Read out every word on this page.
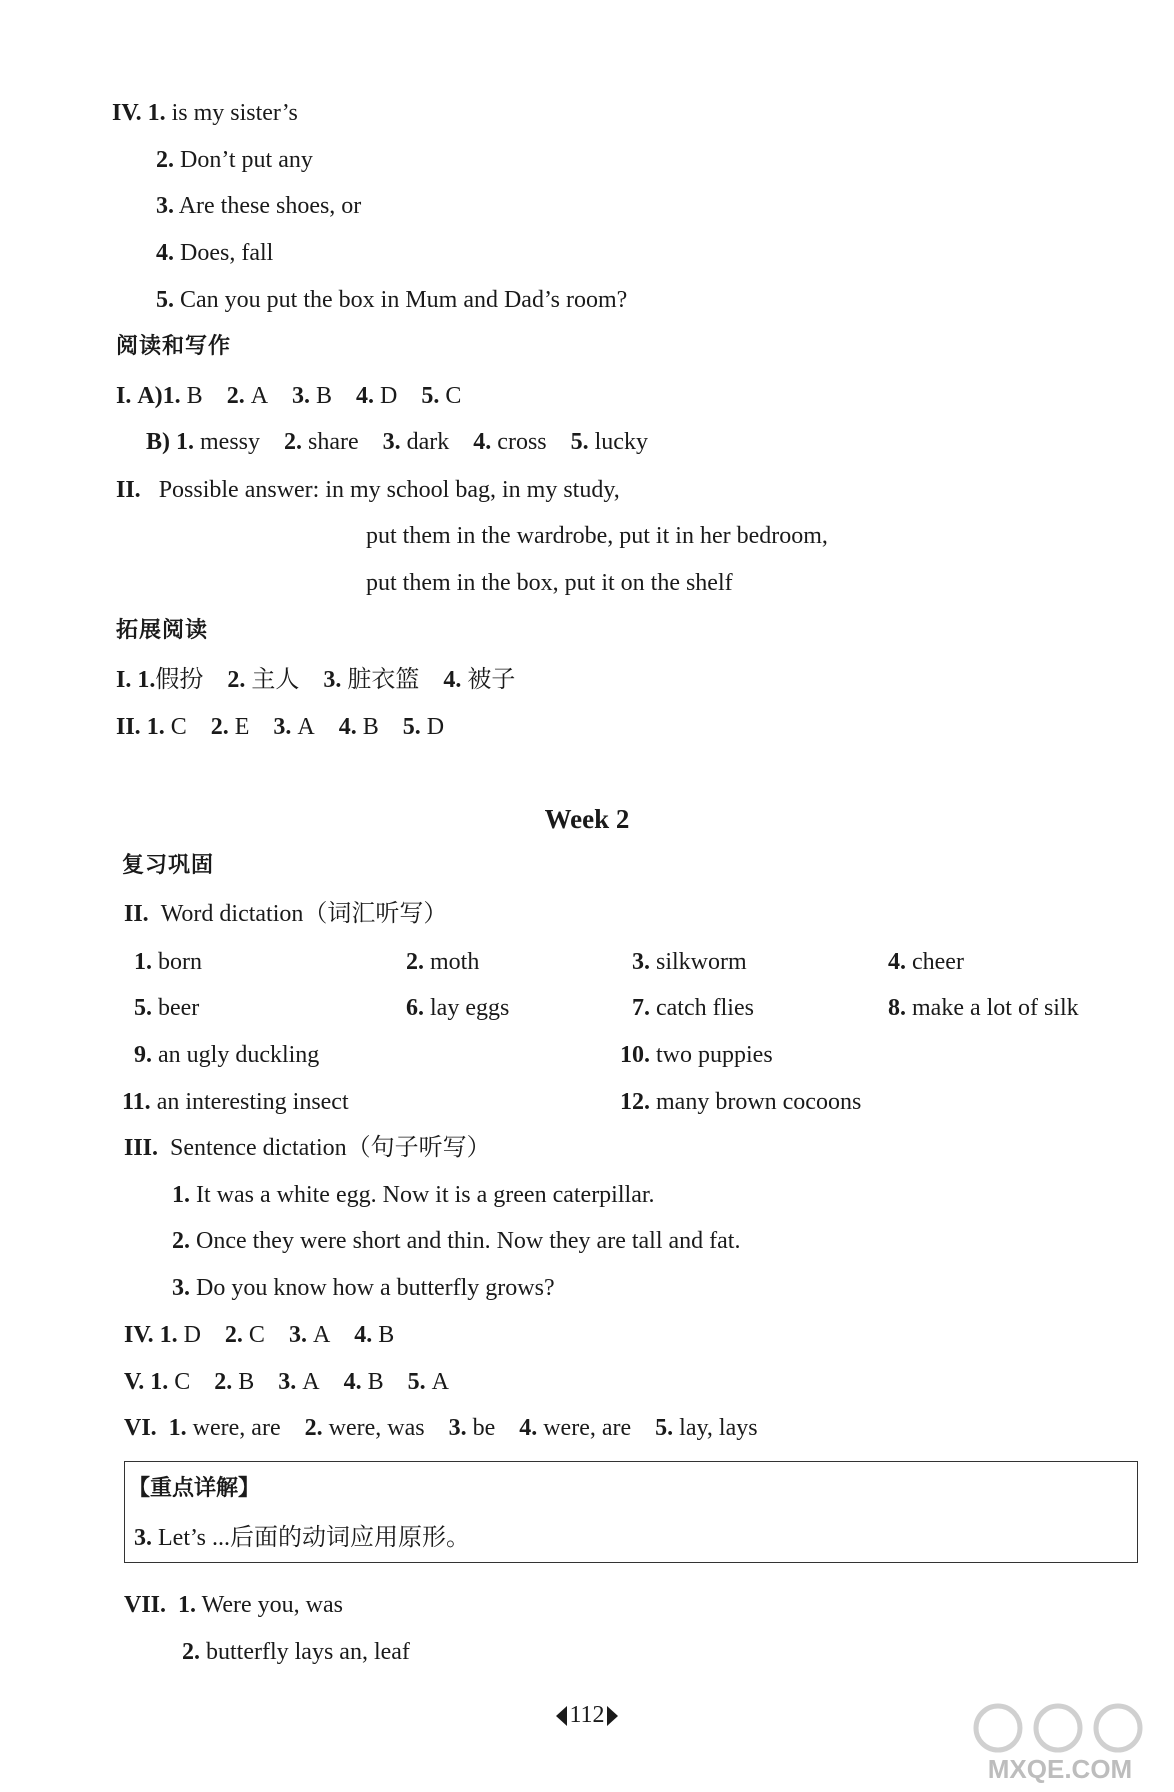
IV. 1. is my sister’s
2. Don’t put any
3. Are these shoes, or
4. Does, fall
5. Can you put the box in Mum and Dad’s room?
阅读和写作
I. A)1. B 2. A 3. B 4. D 5. C
B) 1. messy 2. share 3. dark 4. cross 5. lucky
II. Possible answer: in my school bag, in my study,
put them in the wardrobe, put it in her bedroom,
put them in the box, put it on the shelf
拓展阅读
I. 1.假扮 2. 主人 3. 脏衣篮 4. 被子
II. 1. C 2. E 3. A 4. B 5. D
Week 2
复习巩固
II. Word dictation（词汇听写）
1. born	2. moth	3. silkworm	4. cheer
5. beer	6. lay eggs	7. catch flies	8. make a lot of silk
9. an ugly duckling	10. two puppies
11. an interesting insect	12. many brown cocoons
III. Sentence dictation（句子听写）
1. It was a white egg. Now it is a green caterpillar.
2. Once they were short and thin. Now they are tall and fat.
3. Do you know how a butterfly grows?
IV. 1. D 2. C 3. A 4. B
V. 1. C 2. B 3. A 4. B 5. A
VI. 1. were, are 2. were, was 3. be 4. were, are 5. lay, lays
【重点详解】
3. Let’s ...后面的动词应用原形。
VII. 1. Were you, was
2. butterfly lays an, leaf
112
MXQE.COM
